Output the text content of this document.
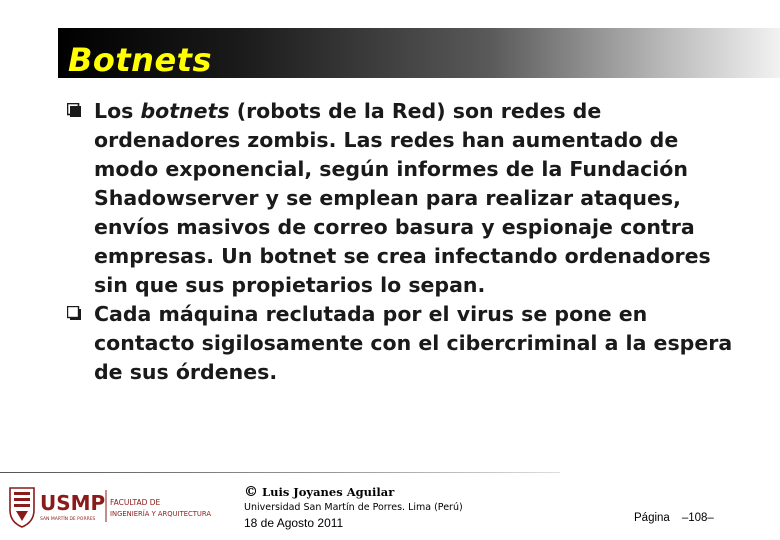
Botnets

Los botnets (robots de la Red) son redes de ordenadores zombis. Las redes han aumentado de modo exponencial, según informes de la Fundación Shadowserver y se emplean para realizar ataques, envíos masivos de correo basura y espionaje contra empresas. Un botnet se crea infectando ordenadores sin que sus propietarios lo sepan.

Cada máquina reclutada por el virus se pone en contacto sigilosamente con el cibercriminal a la espera de sus órdenes.

USMP
SAN MARTÍN DE PORRES
FACULTAD DE
INGENIERÍA Y ARQUITECTURA
© Luis Joyanes Aguilar
Universidad San Martín de Porres. Lima (Perú)
18 de Agosto 2011	Página –108–
